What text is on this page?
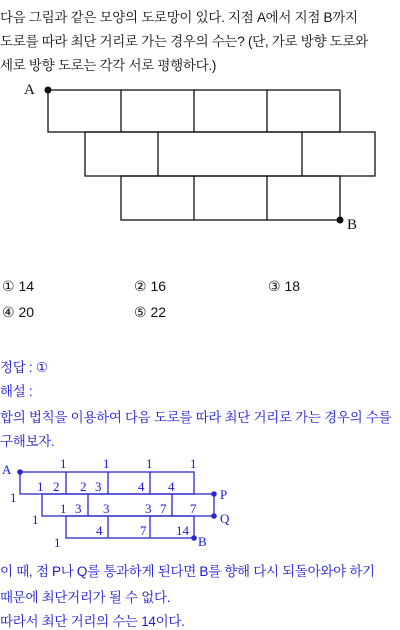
다음 그림과 같은 모양의 도로망이 있다. 지점 A에서 지점 B까지
도로를 따라 최단 거리로 가는 경우의 수는? (단, 가로 방향 도로와
세로 방향 도로는 각각 서로 평행하다.)
A
B
① 14	② 16	③ 18
④ 20	⑤ 22
정답 : ①
해설 :
합의 법칙을 이용하여 다음 도로를 따라 최단 거리로 가는 경우의 수를
구해보자.
A
P
Q
B
1	1	1	1
1
1
1
1 2 2 3	4 4
1 3 3	3 7 7
4	7 14
이 때, 점 P나 Q를 통과하게 된다면 B를 향해 다시 되돌아와야 하기
때문에 최단거리가 될 수 없다.
따라서 최단 거리의 수는 14이다.
